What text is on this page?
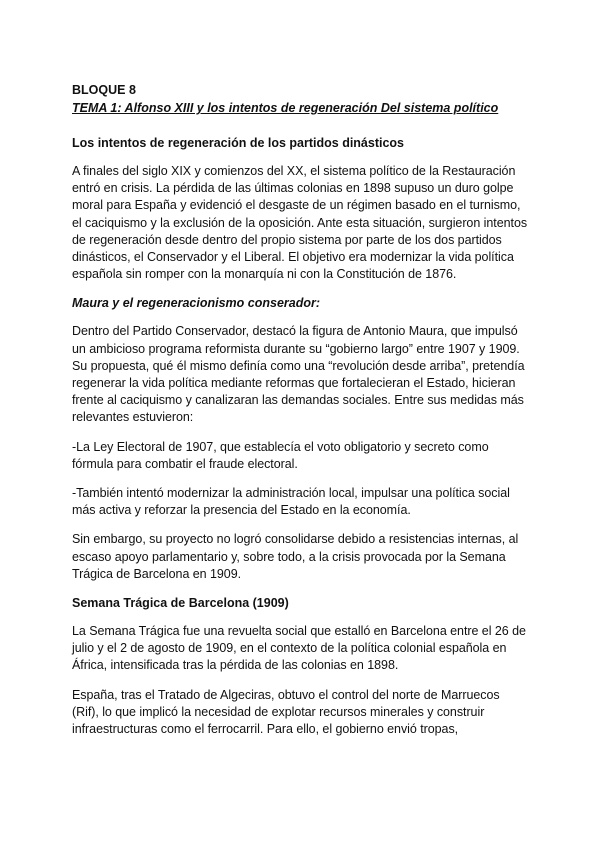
BLOQUE 8
TEMA 1: Alfonso XIII y los intentos de regeneración Del sistema político
Los intentos de regeneración de los partidos dinásticos

A finales del siglo XIX y comienzos del XX, el sistema político de la Restauración entró en crisis. La pérdida de las últimas colonias en 1898 supuso un duro golpe moral para España y evidenció el desgaste de un régimen basado en el turnismo, el caciquismo y la exclusión de la oposición. Ante esta situación, surgieron intentos de regeneración desde dentro del propio sistema por parte de los dos partidos dinásticos, el Conservador y el Liberal. El objetivo era modernizar la vida política española sin romper con la monarquía ni con la Constitución de 1876.

Maura y el regeneracionismo conserador:

Dentro del Partido Conservador, destacó la figura de Antonio Maura, que impulsó un ambicioso programa reformista durante su “gobierno largo” entre 1907 y 1909. Su propuesta, qué él mismo definía como una “revolución desde arriba”, pretendía regenerar la vida política mediante reformas que fortalecieran el Estado, hicieran frente al caciquismo y canalizaran las demandas sociales. Entre sus medidas más relevantes estuvieron:

-La Ley Electoral de 1907, que establecía el voto obligatorio y secreto como fórmula para combatir el fraude electoral.

-También intentó modernizar la administración local, impulsar una política social más activa y reforzar la presencia del Estado en la economía.

Sin embargo, su proyecto no logró consolidarse debido a resistencias internas, al escaso apoyo parlamentario y, sobre todo, a la crisis provocada por la Semana Trágica de Barcelona en 1909.

Semana Trágica de Barcelona (1909)

La Semana Trágica fue una revuelta social que estalló en Barcelona entre el 26 de julio y el 2 de agosto de 1909, en el contexto de la política colonial española en África, intensificada tras la pérdida de las colonias en 1898.

España, tras el Tratado de Algeciras, obtuvo el control del norte de Marruecos (Rif), lo que implicó la necesidad de explotar recursos minerales y construir infraestructuras como el ferrocarril. Para ello, el gobierno envió tropas,
